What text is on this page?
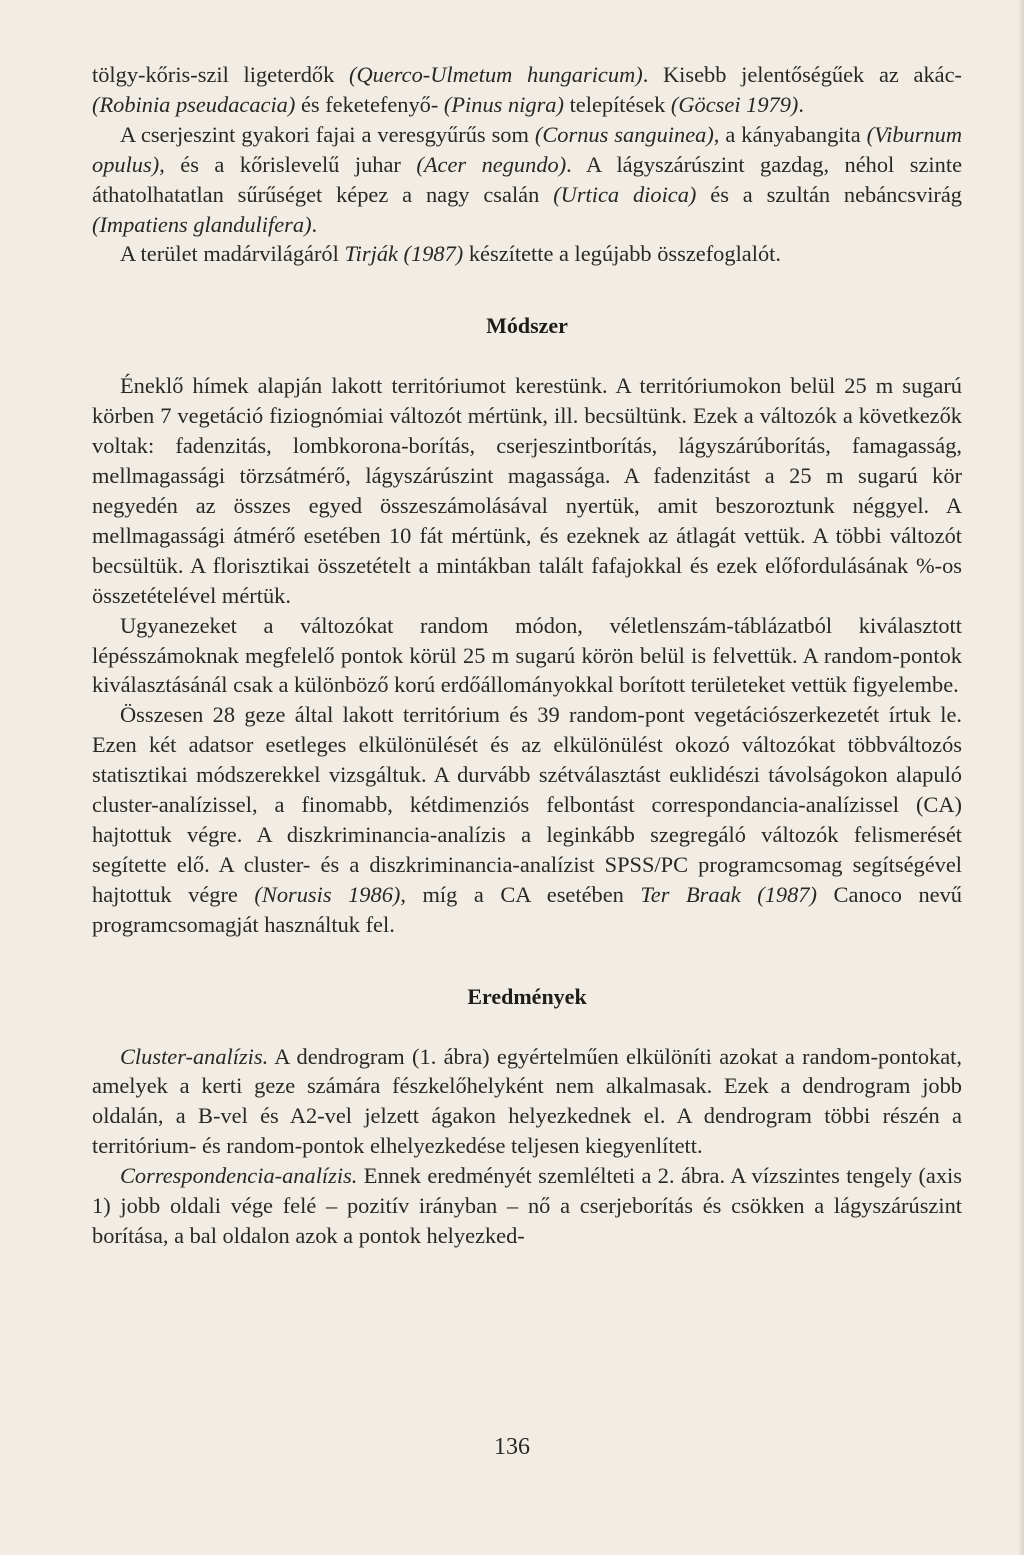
tölgy-kőris-szil ligeterdők (Querco-Ulmetum hungaricum). Kisebb jelentőségűek az akác- (Robinia pseudacacia) és feketefenyő- (Pinus nigra) telepítések (Göcsei 1979).

A cserjeszint gyakori fajai a veresgyűrűs som (Cornus sanguinea), a kányabangita (Viburnum opulus), és a kőrislevelű juhar (Acer negundo). A lágyszárúszint gazdag, néhol szinte áthatolhatatlan sűrűséget képez a nagy csalán (Urtica dioica) és a szultán nebáncsvirág (Impatiens glandulifera).

A terület madárvilágáról Tirják (1987) készítette a legújabb összefoglalót.

Módszer

Éneklő hímek alapján lakott territóriumot kerestünk. A territóriumokon belül 25 m sugarú körben 7 vegetáció fiziognómiai változót mértünk, ill. becsültünk. Ezek a változók a következők voltak: fadenzitás, lombkorona-borítás, cserjeszintborítás, lágyszárúborítás, famagasság, mellmagassági törzsátmérő, lágyszárúszint magassága. A fadenzitást a 25 m sugarú kör negyedén az összes egyed összeszámolásával nyertük, amit beszoroztunk néggyel. A mellmagassági átmérő esetében 10 fát mértünk, és ezeknek az átlagát vettük. A többi változót becsültük. A florisztikai összetételt a mintákban talált fafajokkal és ezek előfordulásának %-os összetételével mértük.

Ugyanezeket a változókat random módon, véletlenszám-táblázatból kiválasztott lépésszámoknak megfelelő pontok körül 25 m sugarú körön belül is felvettük. A random-pontok kiválasztásánál csak a különböző korú erdőállományokkal borított területeket vettük figyelembe.

Összesen 28 geze által lakott territórium és 39 random-pont vegetációszerkezetét írtuk le. Ezen két adatsor esetleges elkülönülését és az elkülönülést okozó változókat többváltozós statisztikai módszerekkel vizsgáltuk. A durvább szétválasztást euklidészi távolságokon alapuló cluster-analízissel, a finomabb, kétdimenziós felbontást correspondancia-analízissel (CA) hajtottuk végre. A diszkriminancia-analízis a leginkább szegregáló változók felismerését segítette elő. A cluster- és a diszkriminancia-analízist SPSS/PC programcsomag segítségével hajtottuk végre (Norusis 1986), míg a CA esetében Ter Braak (1987) Canoco nevű programcsomagját használtuk fel.

Eredmények

Cluster-analízis. A dendrogram (1. ábra) egyértelműen elkülöníti azokat a random-pontokat, amelyek a kerti geze számára fészkelőhelyként nem alkalmasak. Ezek a dendrogram jobb oldalán, a B-vel és A2-vel jelzett ágakon helyezkednek el. A dendrogram többi részén a territórium- és random-pontok elhelyezkedése teljesen kiegyenlített.

Correspondencia-analízis. Ennek eredményét szemlélteti a 2. ábra. A vízszintes tengely (axis 1) jobb oldali vége felé – pozitív irányban – nő a cserjeborítás és csökken a lágyszárúszint borítása, a bal oldalon azok a pontok helyezked-

136
